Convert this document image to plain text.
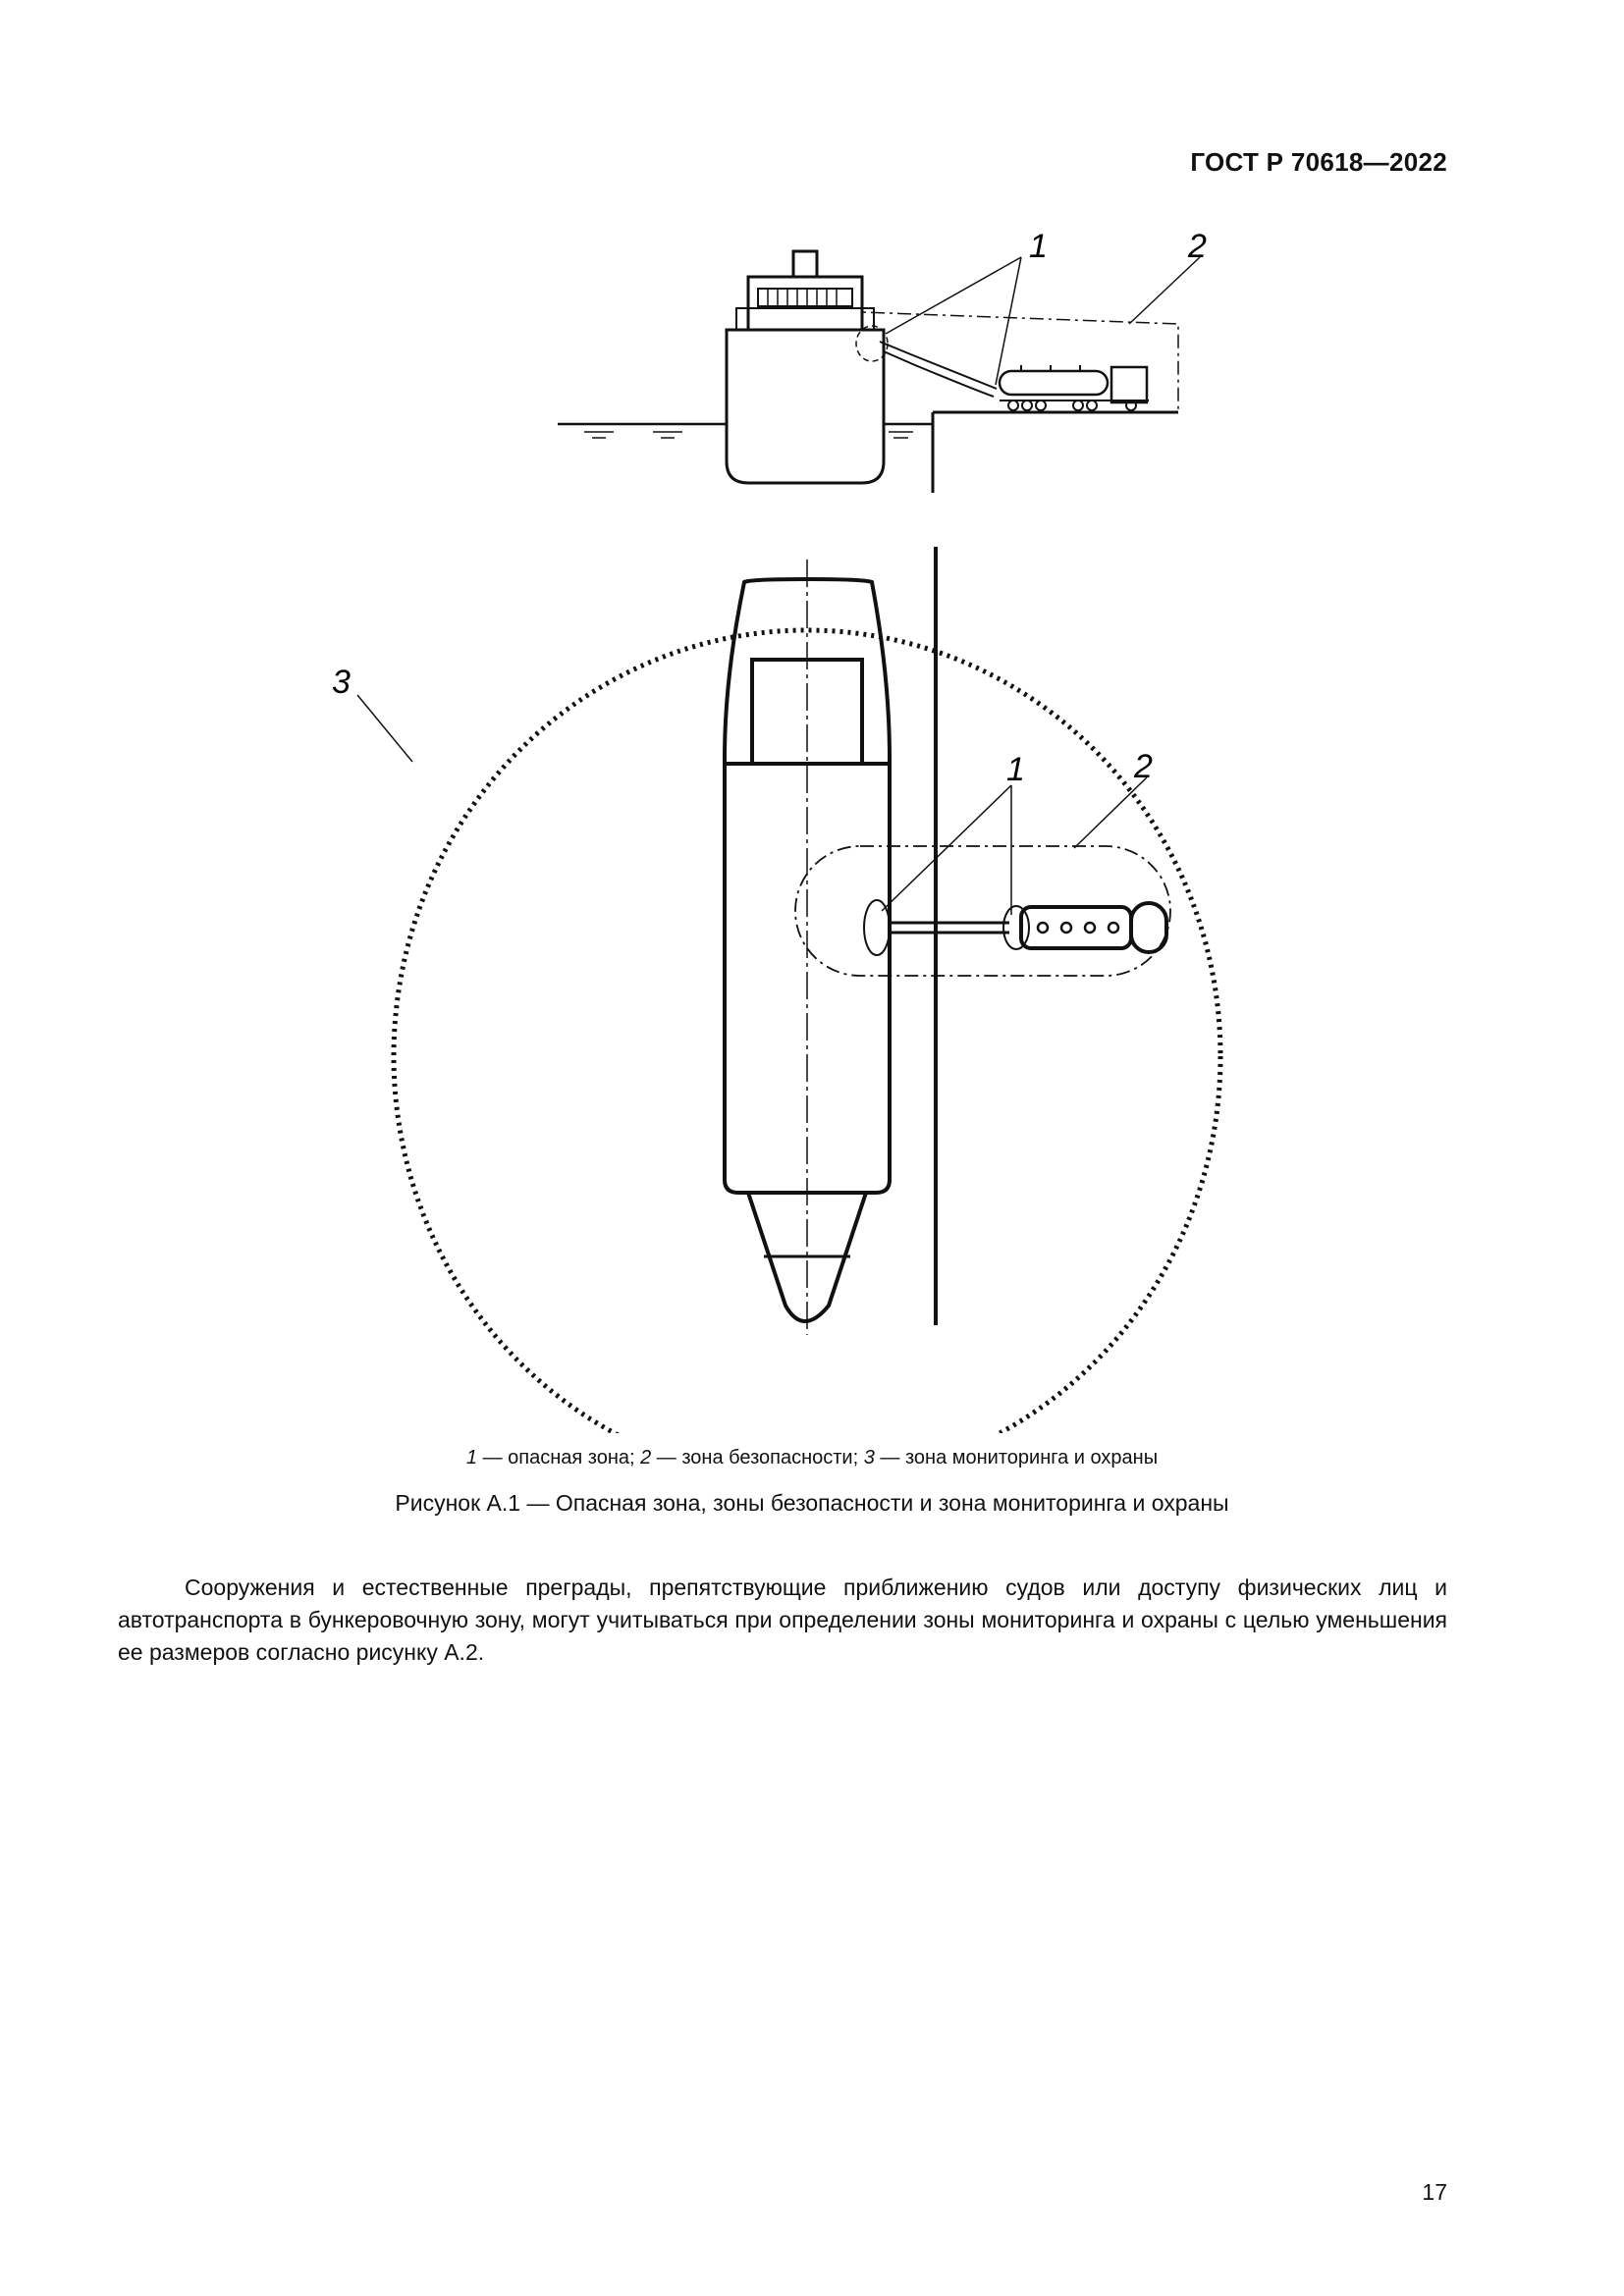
ГОСТ Р 70618—2022
1	2
1	2
3
1 — опасная зона; 2 — зона безопасности; 3 — зона мониторинга и охраны
Рисунок А.1 — Опасная зона, зоны безопасности и зона мониторинга и охраны

Сооружения и естественные преграды, препятствующие приближению судов или доступу физических лиц и автотранспорта в бункеровочную зону, могут учитываться при определении зоны мониторинга и охраны с целью уменьшения ее размеров согласно рисунку А.2.

17
